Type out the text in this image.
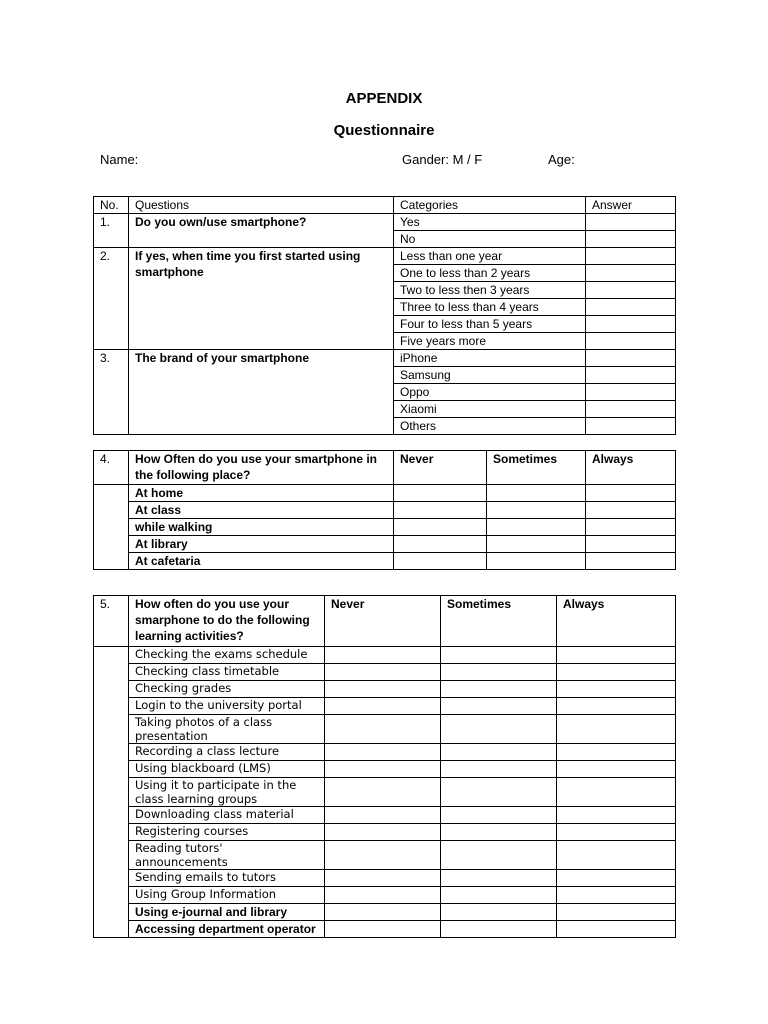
APPENDIX
Questionnaire
Name:	Gander: M / F	Age:
No.	Questions	Categories	Answer
1.	Do you own/use smartphone?	Yes	
		No	
2.	If yes, when time you first started using smartphone	Less than one year	
		One to less than 2 years	
		Two to less then 3 years	
		Three to less than 4 years	
		Four to less than 5 years	
		Five years more	
3.	The brand of your smartphone	iPhone	
		Samsung	
		Oppo	
		Xiaomi	
		Others	
4.	How Often do you use your smartphone in the following place?	Never	Sometimes	Always
	At home			
	At class			
	while walking			
	At library			
	At cafetaria			
5.	How often do you use your smarphone to do the following learning activities?	Never	Sometimes	Always
	Checking the exams schedule			
	Checking class timetable			
	Checking grades			
	Login to the university portal			
	Taking photos of a class presentation			
	Recording a class lecture			
	Using blackboard (LMS)			
	Using it to participate in the class learning groups			
	Downloading class material			
	Registering courses			
	Reading tutors' announcements			
	Sending emails to tutors			
	Using Group Information			
	Using e-journal and library			
	Accessing department operator			
